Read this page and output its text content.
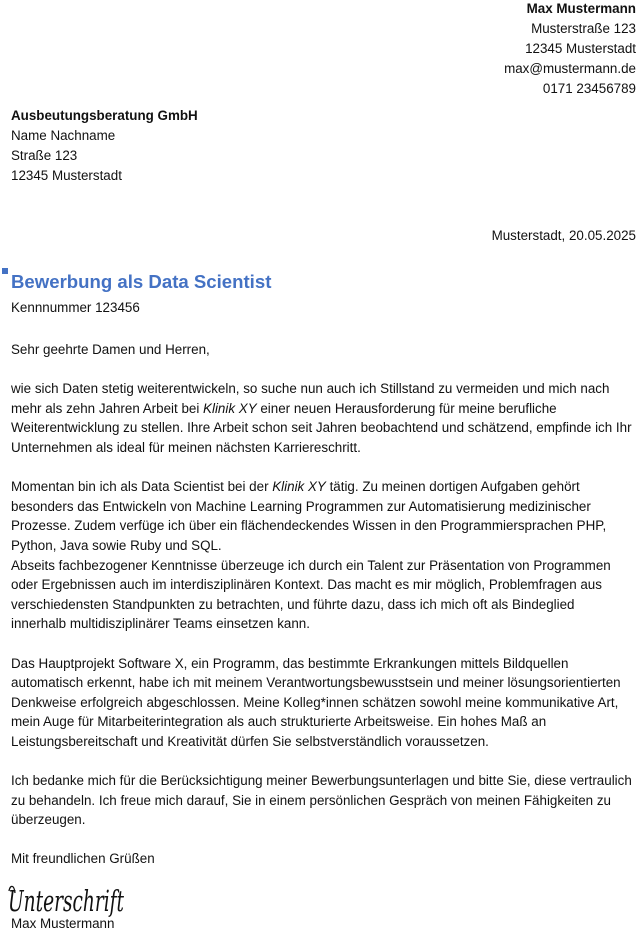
Max Mustermann
Musterstraße 123
12345 Musterstadt
max@mustermann.de
0171 23456789
Ausbeutungsberatung GmbH
Name Nachname
Straße 123
12345 Musterstadt
Musterstadt, 20.05.2025
Bewerbung als Data Scientist
Kennnummer 123456

Sehr geehrte Damen und Herren,

wie sich Daten stetig weiterentwickeln, so suche nun auch ich Stillstand zu vermeiden und mich nach mehr als zehn Jahren Arbeit bei Klinik XY einer neuen Herausforderung für meine berufliche Weiterentwicklung zu stellen. Ihre Arbeit schon seit Jahren beobachtend und schätzend, empfinde ich Ihr Unternehmen als ideal für meinen nächsten Karriereschritt.

Momentan bin ich als Data Scientist bei der Klinik XY tätig. Zu meinen dortigen Aufgaben gehört besonders das Entwickeln von Machine Learning Programmen zur Automatisierung medizinischer Prozesse. Zudem verfüge ich über ein flächendeckendes Wissen in den Programmiersprachen PHP, Python, Java sowie Ruby und SQL.

Abseits fachbezogener Kenntnisse überzeuge ich durch ein Talent zur Präsentation von Programmen oder Ergebnissen auch im interdisziplinären Kontext. Das macht es mir möglich, Problemfragen aus verschiedensten Standpunkten zu betrachten, und führte dazu, dass ich mich oft als Bindeglied innerhalb multidisziplinärer Teams einsetzen kann.

Das Hauptprojekt Software X, ein Programm, das bestimmte Erkrankungen mittels Bildquellen automatisch erkennt, habe ich mit meinem Verantwortungsbewusstsein und meiner lösungsorientierten Denkweise erfolgreich abgeschlossen. Meine Kolleg*innen schätzen sowohl meine kommunikative Art, mein Auge für Mitarbeiterintegration als auch strukturierte Arbeitsweise. Ein hohes Maß an Leistungsbereitschaft und Kreativität dürfen Sie selbstverständlich voraussetzen.

Ich bedanke mich für die Berücksichtigung meiner Bewerbungsunterlagen und bitte Sie, diese vertraulich zu behandeln. Ich freue mich darauf, Sie in einem persönlichen Gespräch von meinen Fähigkeiten zu überzeugen.

Mit freundlichen Grüßen

Unterschrift
Max Mustermann
